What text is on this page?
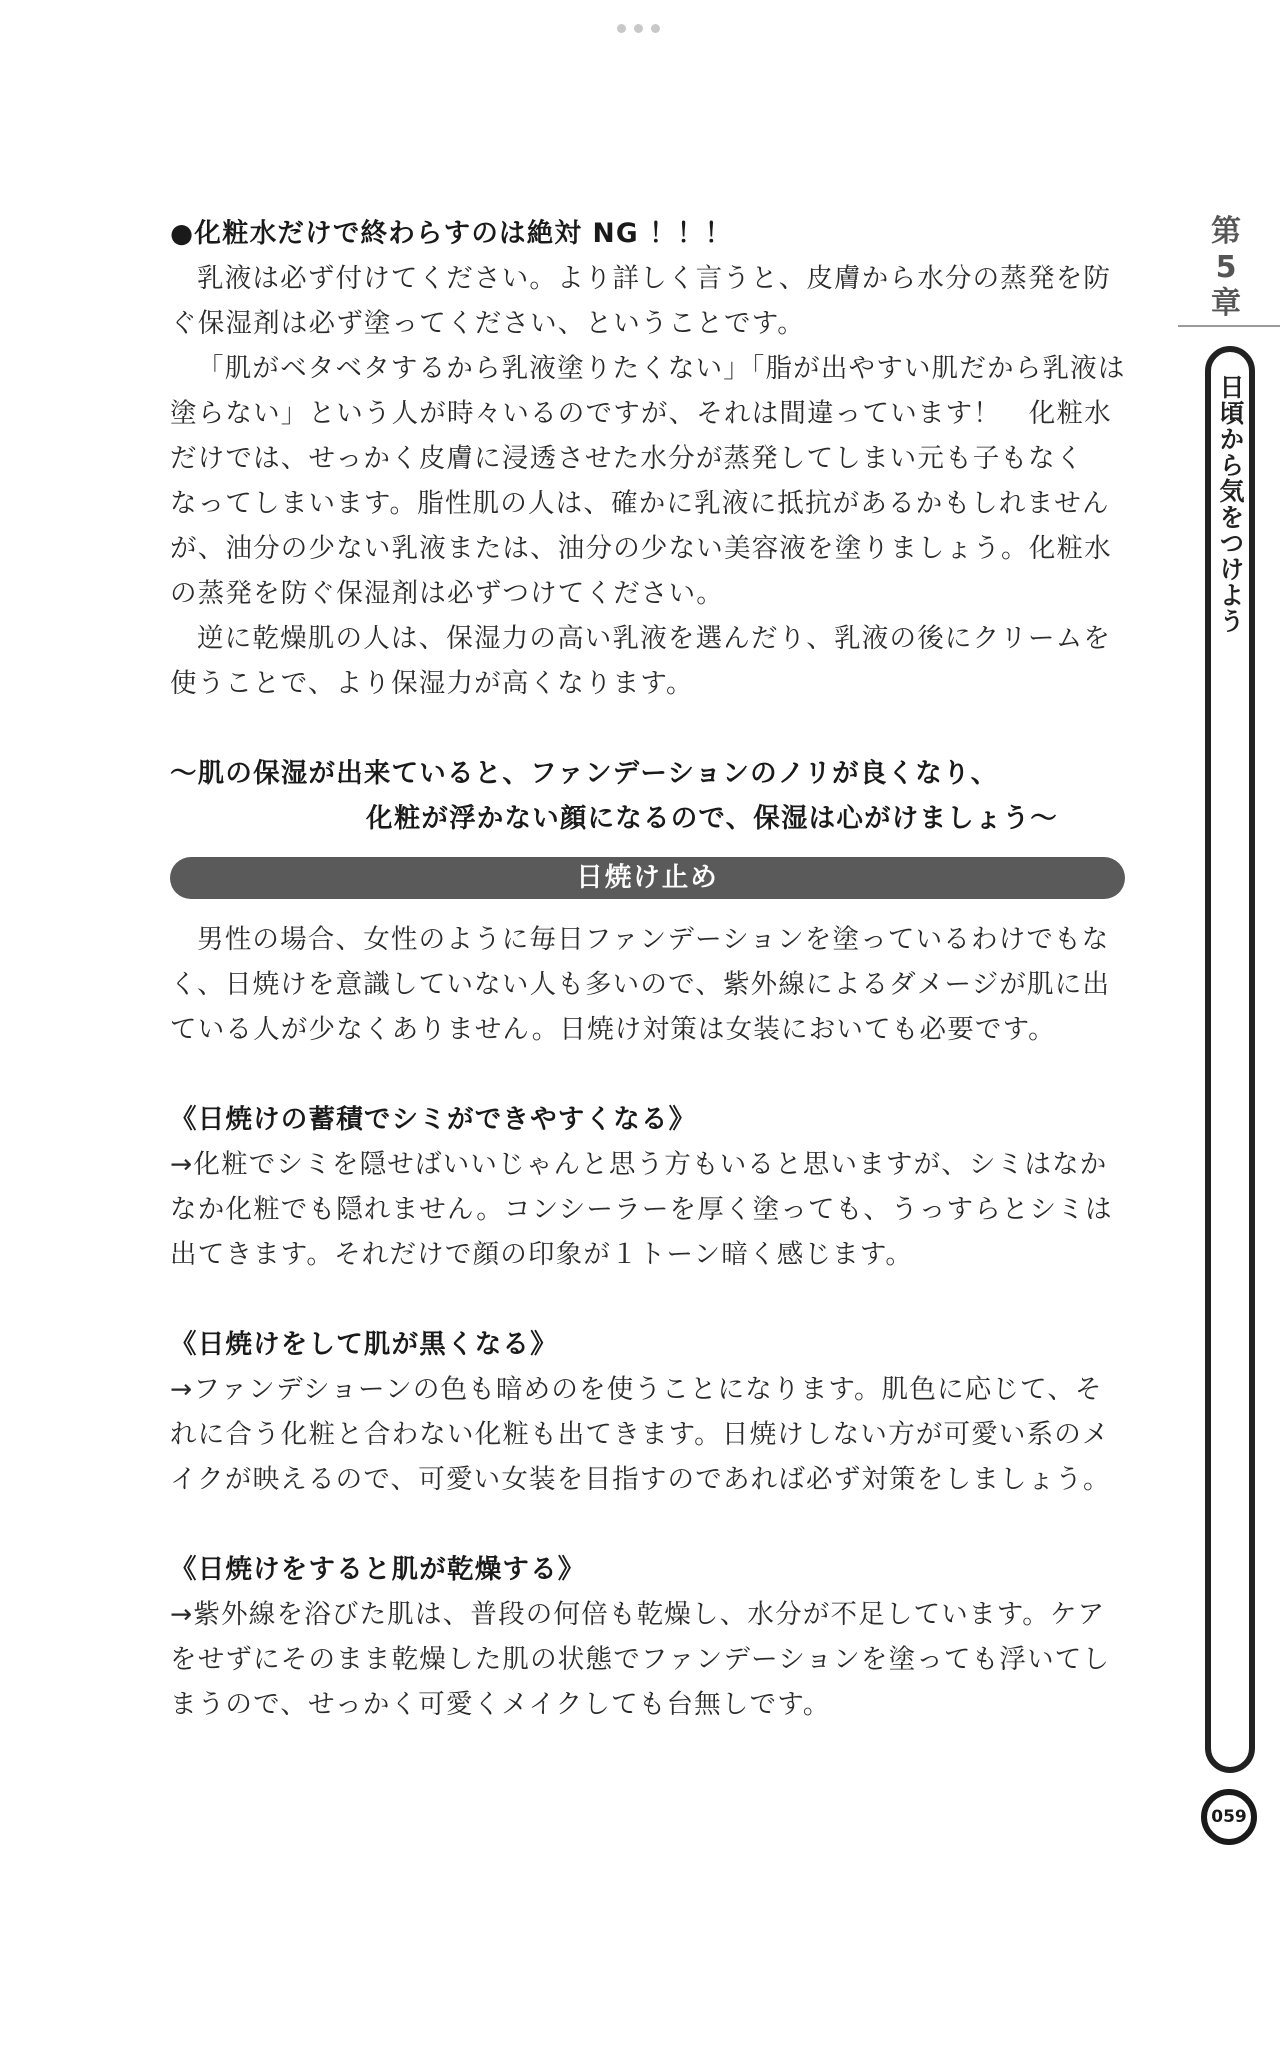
●化粧水だけで終わらすのは絶対 NG ！！！

乳液は必ず付けてください。より詳しく言うと、皮膚から水分の蒸発を防

ぐ保湿剤は必ず塗ってください、ということです。

「肌がベタベタするから乳液塗りたくない」「脂が出やすい肌だから乳液は

塗らない」という人が時々いるのですが、それは間違っています！　化粧水

だけでは、せっかく皮膚に浸透させた水分が蒸発してしまい元も子もなく

なってしまいます。脂性肌の人は、確かに乳液に抵抗があるかもしれません

が、油分の少ない乳液または、油分の少ない美容液を塗りましょう。化粧水

の蒸発を防ぐ保湿剤は必ずつけてください。

逆に乾燥肌の人は、保湿力の高い乳液を選んだり、乳液の後にクリームを

使うことで、より保湿力が高くなります。

〜肌の保湿が出来ていると、ファンデーションのノリが良くなり、

化粧が浮かない顔になるので、保湿は心がけましょう〜

日焼け止め

男性の場合、女性のように毎日ファンデーションを塗っているわけでもな

く、日焼けを意識していない人も多いので、紫外線によるダメージが肌に出

ている人が少なくありません。日焼け対策は女装においても必要です。

《日焼けの蓄積でシミができやすくなる》

→化粧でシミを隠せばいいじゃんと思う方もいると思いますが、シミはなか

なか化粧でも隠れません。コンシーラーを厚く塗っても、うっすらとシミは

出てきます。それだけで顔の印象が１トーン暗く感じます。

《日焼けをして肌が黒くなる》

→ファンデショーンの色も暗めのを使うことになります。肌色に応じて、そ

れに合う化粧と合わない化粧も出てきます。日焼けしない方が可愛い系のメ

イクが映えるので、可愛い女装を目指すのであれば必ず対策をしましょう。

《日焼けをすると肌が乾燥する》

→紫外線を浴びた肌は、普段の何倍も乾燥し、水分が不足しています。ケア

をせずにそのまま乾燥した肌の状態でファンデーションを塗っても浮いてし

まうので、せっかく可愛くメイクしても台無しです。

第
5
章
日頃から気をつけよう
059
